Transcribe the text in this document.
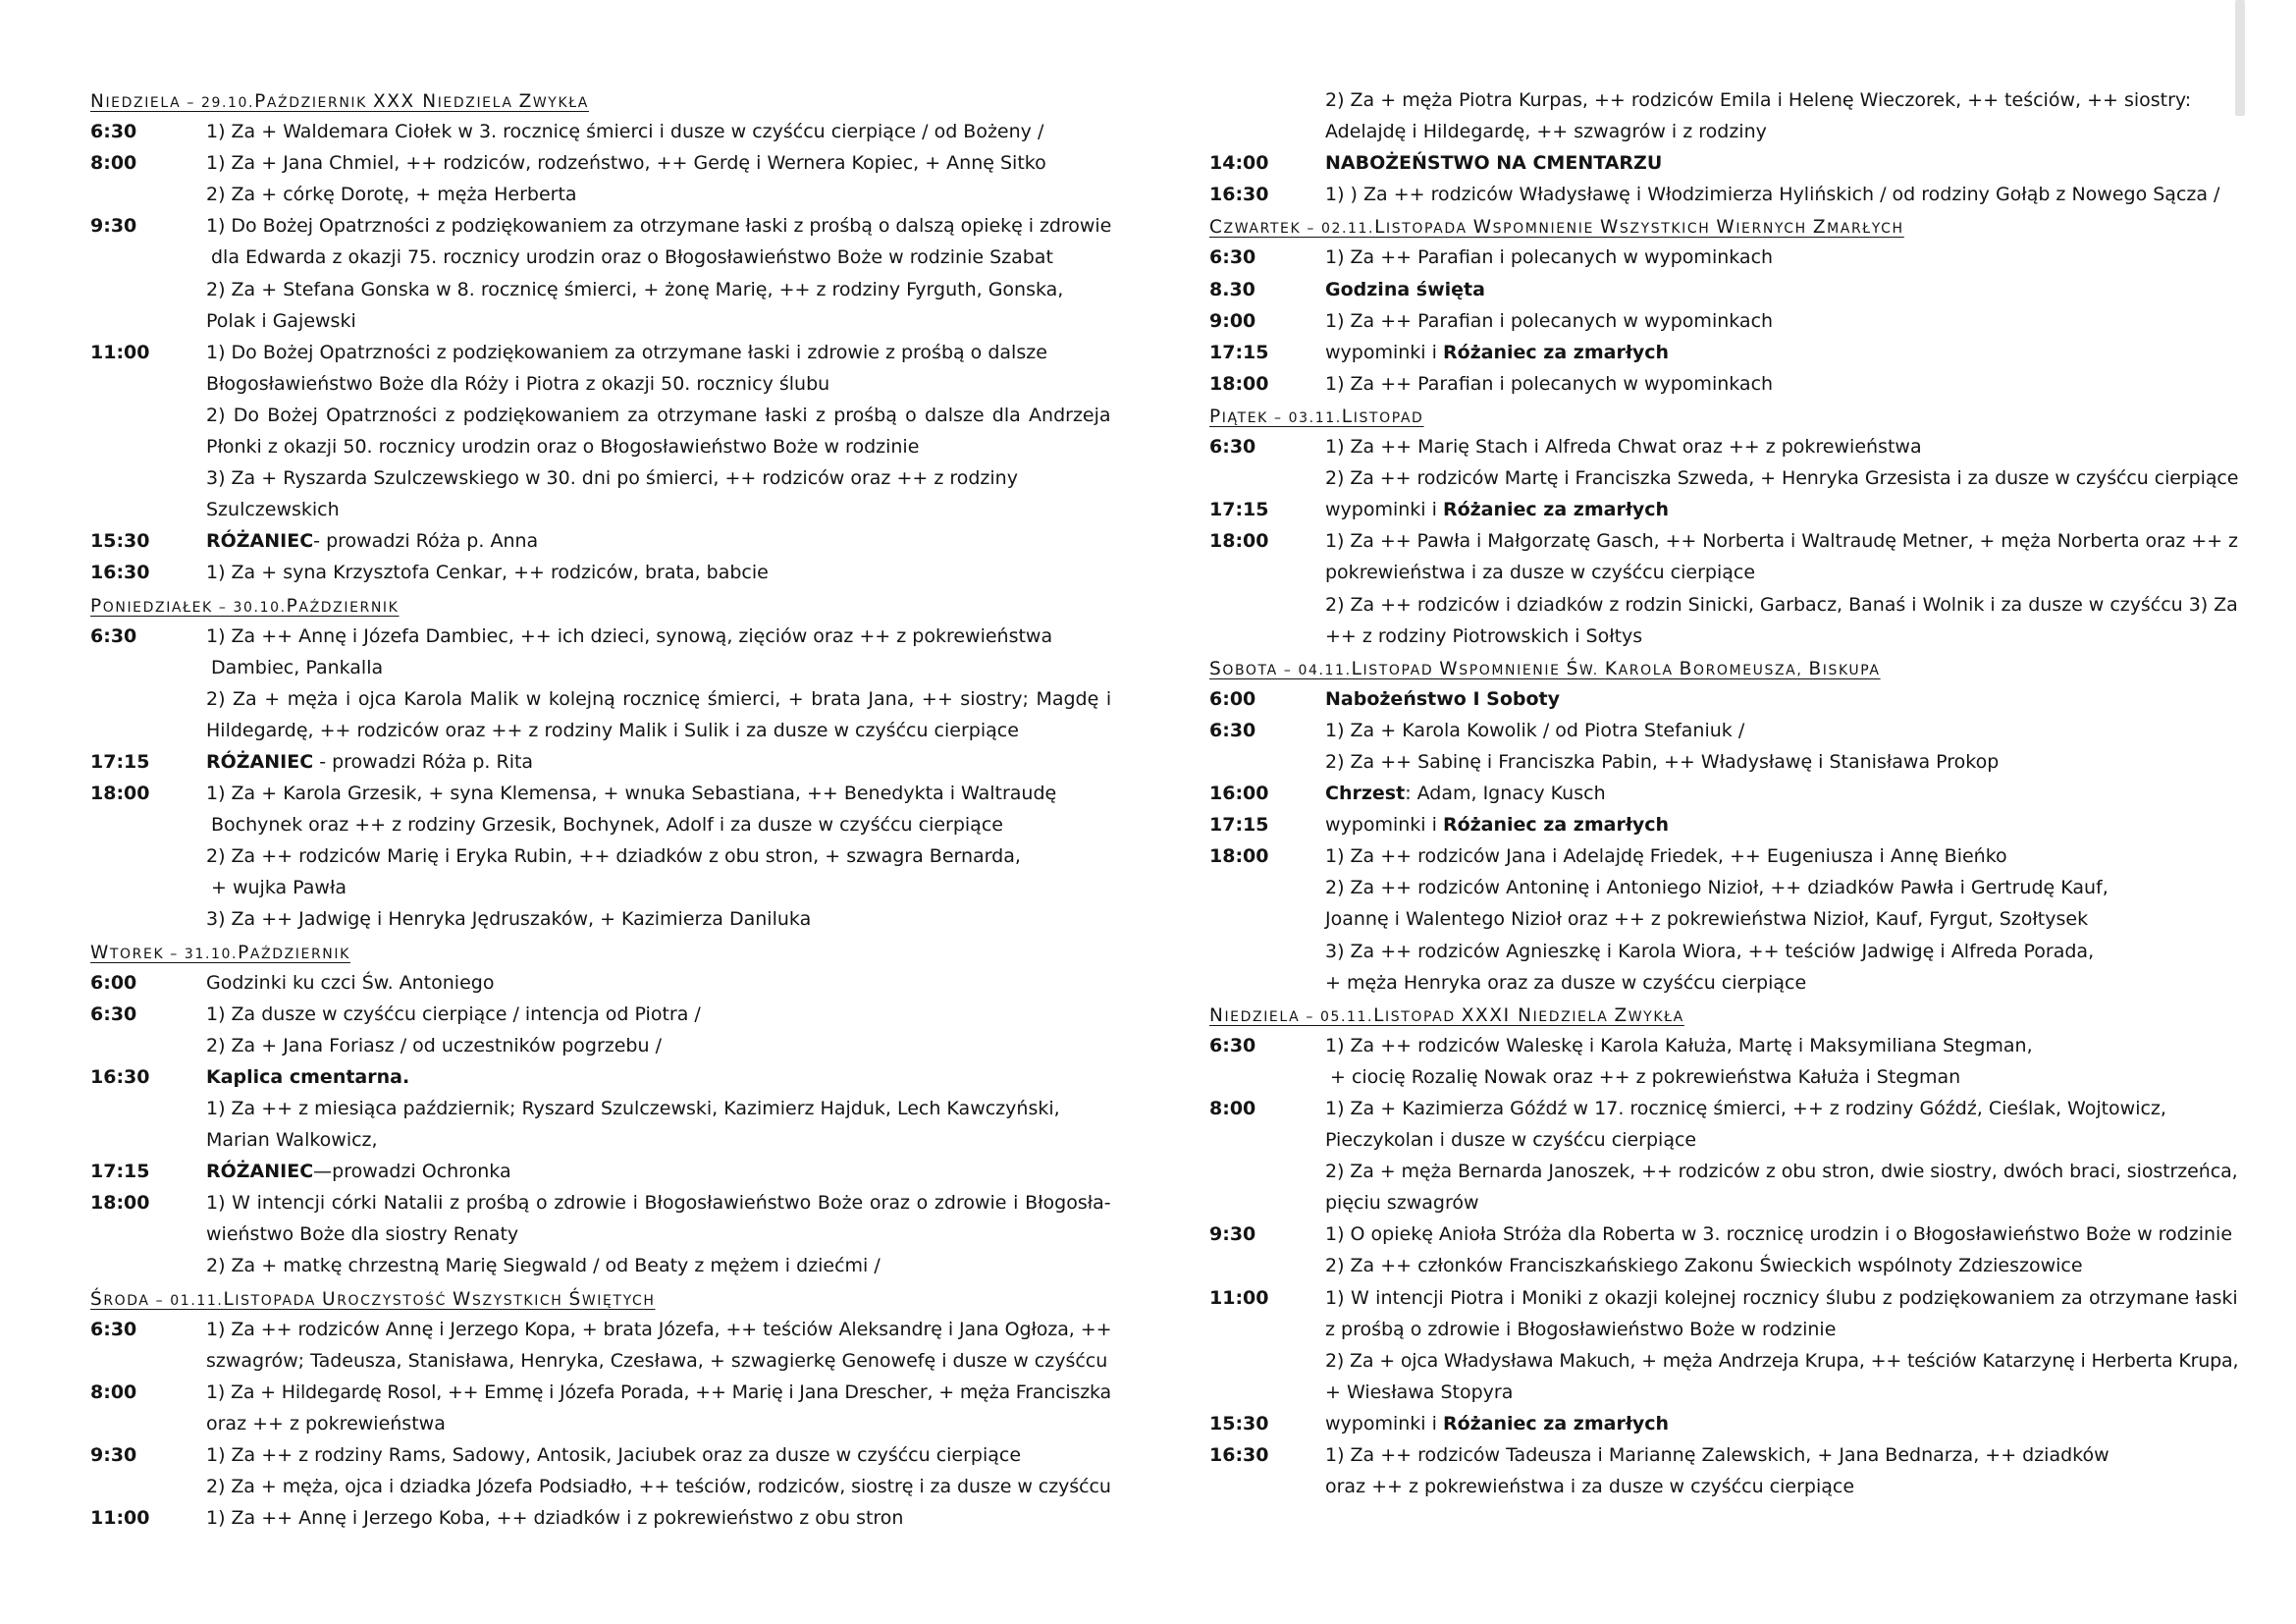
NIEDZIELA – 29.10.PAŹDZIERNIK XXX NIEDZIELA ZWYKŁA
6:30	1) Za + Waldemara Ciołek w 3. rocznicę śmierci i dusze w czyśćcu cierpiące / od Bożeny /
8:00	1) Za + Jana Chmiel, ++ rodziców, rodzeństwo, ++ Gerdę i Wernera Kopiec, + Annę Sitko
2) Za + córkę Dorotę, + męża Herberta
9:30	1) Do Bożej Opatrzności z podziękowaniem za otrzymane łaski z prośbą o dalszą opiekę i zdrowie
dla Edwarda z okazji 75. rocznicy urodzin oraz o Błogosławieństwo Boże w rodzinie Szabat
2) Za + Stefana Gonska w 8. rocznicę śmierci, + żonę Marię, ++ z rodziny Fyrguth, Gonska,
Polak i Gajewski
11:00	1) Do Bożej Opatrzności z podziękowaniem za otrzymane łaski i zdrowie z prośbą o dalsze
Błogosławieństwo Boże dla Róży i Piotra z okazji 50. rocznicy ślubu
2) Do Bożej Opatrzności z podziękowaniem za otrzymane łaski z prośbą o dalsze dla Andrzeja
Płonki z okazji 50. rocznicy urodzin oraz o Błogosławieństwo Boże w rodzinie
3) Za + Ryszarda Szulczewskiego w 30. dni po śmierci, ++ rodziców oraz ++ z rodziny
Szulczewskich
15:30	RÓŻANIEC- prowadzi Róża p. Anna
16:30	1) Za + syna Krzysztofa Cenkar, ++ rodziców, brata, babcie
PONIEDZIAŁEK – 30.10.PAŹDZIERNIK
6:30	1) Za ++ Annę i Józefa Dambiec, ++ ich dzieci, synową, zięciów oraz ++ z pokrewieństwa
Dambiec, Pankalla
2) Za + męża i ojca Karola Malik w kolejną rocznicę śmierci, + brata Jana, ++ siostry; Magdę i
Hildegardę, ++ rodziców oraz ++ z rodziny Malik i Sulik i za dusze w czyśćcu cierpiące
17:15	RÓŻANIEC - prowadzi Róża p. Rita
18:00	1) Za + Karola Grzesik, + syna Klemensa, + wnuka Sebastiana, ++ Benedykta i Waltraudę
Bochynek oraz ++ z rodziny Grzesik, Bochynek, Adolf i za dusze w czyśćcu cierpiące
2) Za ++ rodziców Marię i Eryka Rubin, ++ dziadków z obu stron, + szwagra Bernarda,
+ wujka Pawła
3) Za ++ Jadwigę i Henryka Jędruszaków, + Kazimierza Daniluka
WTOREK – 31.10.PAŹDZIERNIK
6:00	Godzinki ku czci Św. Antoniego
6:30	1) Za dusze w czyśćcu cierpiące / intencja od Piotra /
2) Za + Jana Foriasz / od uczestników pogrzebu /
16:30	Kaplica cmentarna.
1) Za ++ z miesiąca październik; Ryszard Szulczewski, Kazimierz Hajduk, Lech Kawczyński,
Marian Walkowicz,
17:15	RÓŻANIEC—prowadzi Ochronka
18:00	1) W intencji córki Natalii z prośbą o zdrowie i Błogosławieństwo Boże oraz o zdrowie i Błogosła-
wieństwo Boże dla siostry Renaty
2) Za + matkę chrzestną Marię Siegwald / od Beaty z mężem i dziećmi /
ŚRODA – 01.11.LISTOPADA UROCZYSTOŚĆ WSZYSTKICH ŚWIĘTYCH
6:30	1) Za ++ rodziców Annę i Jerzego Kopa, + brata Józefa, ++ teściów Aleksandrę i Jana Ogłoza, ++
szwagrów; Tadeusza, Stanisława, Henryka, Czesława, + szwagierkę Genowefę i dusze w czyśćcu
8:00	1) Za + Hildegardę Rosol, ++ Emmę i Józefa Porada, ++ Marię i Jana Drescher, + męża Franciszka
oraz ++ z pokrewieństwa
9:30	1) Za ++ z rodziny Rams, Sadowy, Antosik, Jaciubek oraz za dusze w czyśćcu cierpiące
2) Za + męża, ojca i dziadka Józefa Podsiadło, ++ teściów, rodziców, siostrę i za dusze w czyśćcu
11:00	1) Za ++ Annę i Jerzego Koba, ++ dziadków i z pokrewieństwo z obu stron
2) Za + męża Piotra Kurpas, ++ rodziców Emila i Helenę Wieczorek, ++ teściów, ++ siostry:
Adelajdę i Hildegardę, ++ szwagrów i z rodziny
14:00	NABOŻEŃSTWO NA CMENTARZU
16:30	1) ) Za ++ rodziców Władysławę i Włodzimierza Hylińskich / od rodziny Gołąb z Nowego Sącza /
CZWARTEK – 02.11.LISTOPADA WSPOMNIENIE WSZYSTKICH WIERNYCH ZMARŁYCH
6:30	1) Za ++ Parafian i polecanych w wypominkach
8.30	Godzina święta
9:00	1) Za ++ Parafian i polecanych w wypominkach
17:15	wypominki i Różaniec za zmarłych
18:00	1) Za ++ Parafian i polecanych w wypominkach
PIĄTEK – 03.11.LISTOPAD
6:30	1) Za ++ Marię Stach i Alfreda Chwat oraz ++ z pokrewieństwa
2) Za ++ rodziców Martę i Franciszka Szweda, + Henryka Grzesista i za dusze w czyśćcu cierpiące
17:15	wypominki i Różaniec za zmarłych
18:00	1) Za ++ Pawła i Małgorzatę Gasch, ++ Norberta i Waltraudę Metner, + męża Norberta oraz ++ z
pokrewieństwa i za dusze w czyśćcu cierpiące
2) Za ++ rodziców i dziadków z rodzin Sinicki, Garbacz, Banaś i Wolnik i za dusze w czyśćcu 3) Za
++ z rodziny Piotrowskich i Sołtys
SOBOTA – 04.11.LISTOPAD WSPOMNIENIE ŚW. KAROLA BOROMEUSZA, BISKUPA
6:00	Nabożeństwo I Soboty
6:30	1) Za + Karola Kowolik / od Piotra Stefaniuk /
2) Za ++ Sabinę i Franciszka Pabin, ++ Władysławę i Stanisława Prokop
16:00	Chrzest: Adam, Ignacy Kusch
17:15	wypominki i Różaniec za zmarłych
18:00	1) Za ++ rodziców Jana i Adelajdę Friedek, ++ Eugeniusza i Annę Bieńko
2) Za ++ rodziców Antoninę i Antoniego Nizioł, ++ dziadków Pawła i Gertrudę Kauf,
Joannę i Walentego Nizioł oraz ++ z pokrewieństwa Nizioł, Kauf, Fyrgut, Szołtysek
3) Za ++ rodziców Agnieszkę i Karola Wiora, ++ teściów Jadwigę i Alfreda Porada,
+ męża Henryka oraz za dusze w czyśćcu cierpiące
NIEDZIELA – 05.11.LISTOPAD XXXI NIEDZIELA ZWYKŁA
6:30	1) Za ++ rodziców Waleskę i Karola Kałuża, Martę i Maksymiliana Stegman,
+ ciocię Rozalię Nowak oraz ++ z pokrewieństwa Kałuża i Stegman
8:00	1) Za + Kazimierza Góźdź w 17. rocznicę śmierci, ++ z rodziny Góźdź, Cieślak, Wojtowicz,
Pieczykolan i dusze w czyśćcu cierpiące
2) Za + męża Bernarda Janoszek, ++ rodziców z obu stron, dwie siostry, dwóch braci, siostrzeńca,
pięciu szwagrów
9:30	1) O opiekę Anioła Stróża dla Roberta w 3. rocznicę urodzin i o Błogosławieństwo Boże w rodzinie
2) Za ++ członków Franciszkańskiego Zakonu Świeckich wspólnoty Zdzieszowice
11:00	1) W intencji Piotra i Moniki z okazji kolejnej rocznicy ślubu z podziękowaniem za otrzymane łaski
z prośbą o zdrowie i Błogosławieństwo Boże w rodzinie
2) Za + ojca Władysława Makuch, + męża Andrzeja Krupa, ++ teściów Katarzynę i Herberta Krupa,
+ Wiesława Stopyra
15:30	wypominki i Różaniec za zmarłych
16:30	1) Za ++ rodziców Tadeusza i Mariannę Zalewskich, + Jana Bednarza, ++ dziadków
oraz ++ z pokrewieństwa i za dusze w czyśćcu cierpiące
